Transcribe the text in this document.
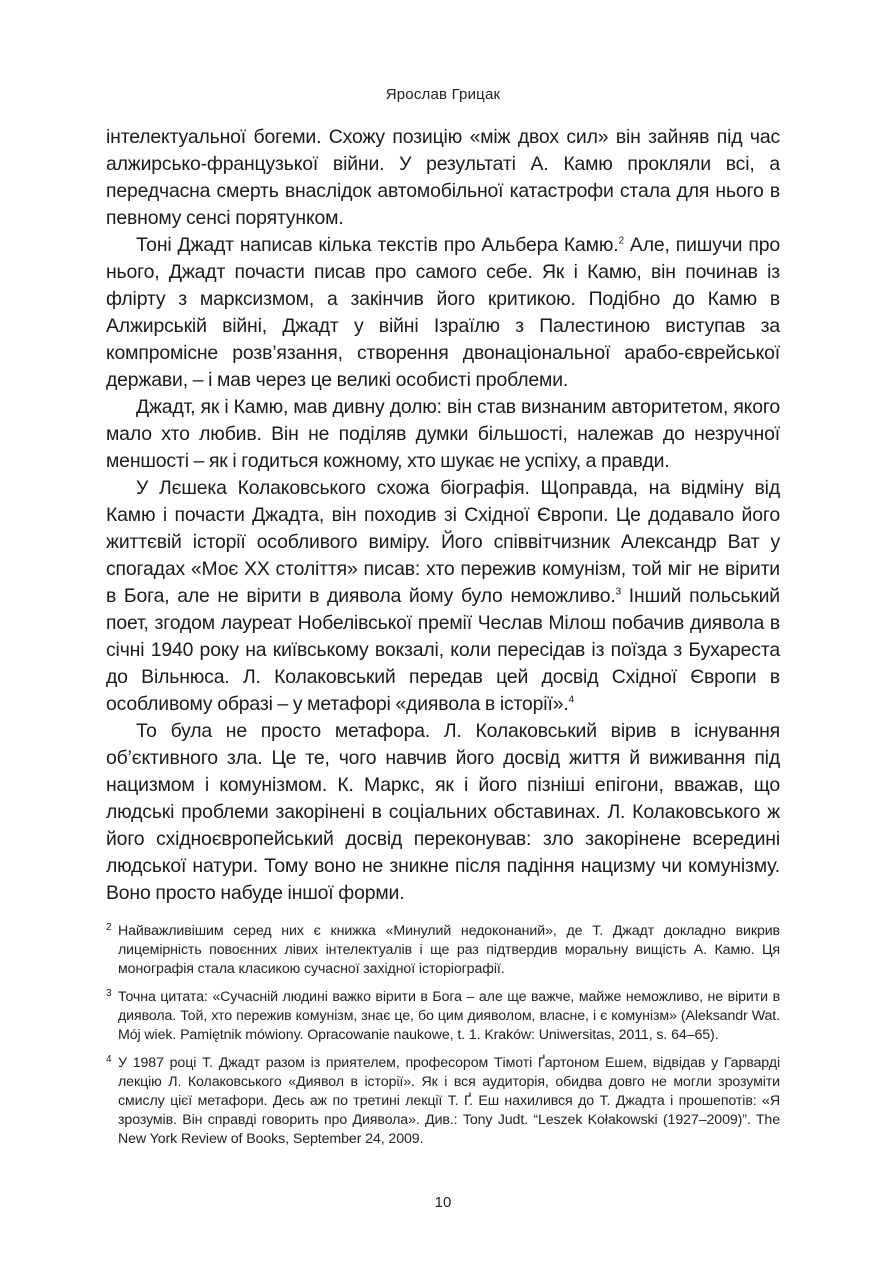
Ярослав Грицак

інтелектуальної богеми. Схожу позицію «між двох сил» він зайняв під час алжирсько-французької війни. У результаті А. Камю прокляли всі, а передчасна смерть внаслідок автомобільної катастрофи стала для нього в певному сенсі порятунком.

Тоні Джадт написав кілька текстів про Альбера Камю.$^2$ Але, пишучи про нього, Джадт почасти писав про самого себе. Як і Камю, він починав із флірту з марксизмом, а закінчив його критикою. Подібно до Камю в Алжирській війні, Джадт у війні Ізраїлю з Палестиною виступав за компромісне розв’язання, створення двонаціональної арабо-єврейської держави, – і мав через це великі особисті проблеми.

Джадт, як і Камю, мав дивну долю: він став визнаним авторитетом, якого мало хто любив. Він не поділяв думки більшості, належав до незручної меншості – як і годиться кожному, хто шукає не успіху, а правди.

У Лєшека Колаковського схожа біографія. Щоправда, на відміну від Камю і почасти Джадта, він походив зі Східної Європи. Це додавало його життєвій історії особливого виміру. Його співвітчизник Александр Ват у спогадах «Моє XX століття» писав: хто пережив комунізм, той міг не вірити в Бога, але не вірити в диявола йому було неможливо.$^3$ Інший польський поет, згодом лауреат Нобелівської премії Чеслав Мілош побачив диявола в січні 1940 року на київському вокзалі, коли пересідав із поїзда з Бухареста до Вільнюса. Л. Колаковський передав цей досвід Східної Європи в особливому образі – у метафорі «диявола в історії».$^4$

То була не просто метафора. Л. Колаковський вірив в існування об’єктивного зла. Це те, чого навчив його досвід життя й виживання під нацизмом і комунізмом. К. Маркс, як і його пізніші епігони, вважав, що людські проблеми закорінені в соціальних обставинах. Л. Колаковського ж його східноєвропейський досвід переконував: зло закорінене всередині людської натури. Тому воно не зникне після падіння нацизму чи комунізму. Воно просто набуде іншої форми.

2 Найважливішим серед них є книжка «Минулий недоконаний», де Т. Джадт докладно викрив лицемірність повоєнних лівих інтелектуалів і ще раз підтвердив моральну вищість А. Камю. Ця монографія стала класикою сучасної західної історіографії.

3 Точна цитата: «Сучасній людині важко вірити в Бога – але ще важче, майже неможливо, не вірити в диявола. Той, хто пережив комунізм, знає це, бо цим дияволом, власне, і є комунізм» (Aleksandr Wat. Mój wiek. Pamiętnik mówiony. Opracowanie naukowe, t. 1. Kraków: Uniwersitas, 2011, s. 64–65).

4 У 1987 році Т. Джадт разом із приятелем, професором Тімоті Ґартоном Ешем, відвідав у Гарварді лекцію Л. Колаковського «Диявол в історії». Як і вся аудиторія, обидва довго не могли зрозуміти смислу цієї метафори. Десь аж по третині лекції Т. Ґ. Еш нахилився до Т. Джадта і прошепотів: «Я зрозумів. Він справді говорить про Диявола». Див.: Tony Judt. “Leszek Kołakowski (1927–2009)”. The New York Review of Books, September 24, 2009.

10
